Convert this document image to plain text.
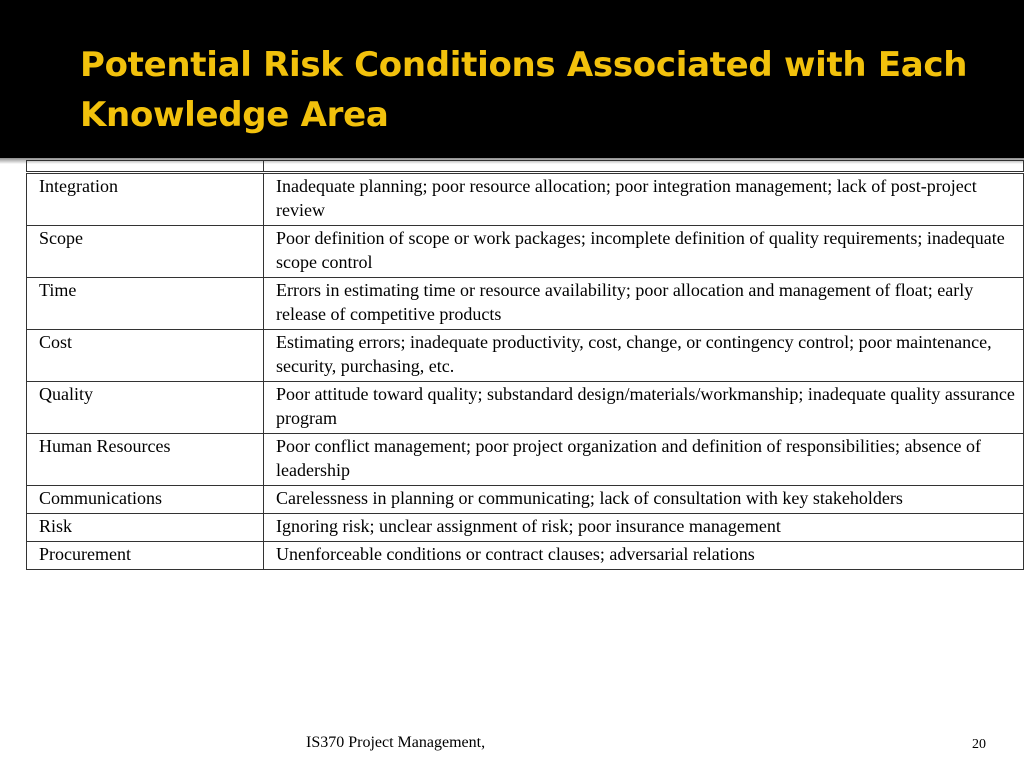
Potential Risk Conditions Associated with Each
Knowledge Area

Integration	Inadequate planning; poor resource allocation; poor integration management; lack of post-project review
Scope	Poor definition of scope or work packages; incomplete definition of quality requirements; inadequate scope control
Time	Errors in estimating time or resource availability; poor allocation and management of float; early release of competitive products
Cost	Estimating errors; inadequate productivity, cost, change, or contingency control; poor maintenance, security, purchasing, etc.
Quality	Poor attitude toward quality; substandard design/materials/workmanship; inadequate quality assurance program
Human Resources	Poor conflict management; poor project organization and definition of responsibilities; absence of leadership
Communications	Carelessness in planning or communicating; lack of consultation with key stakeholders
Risk	Ignoring risk; unclear assignment of risk; poor insurance management
Procurement	Unenforceable conditions or contract clauses; adversarial relations
IS370 Project Management,	20
